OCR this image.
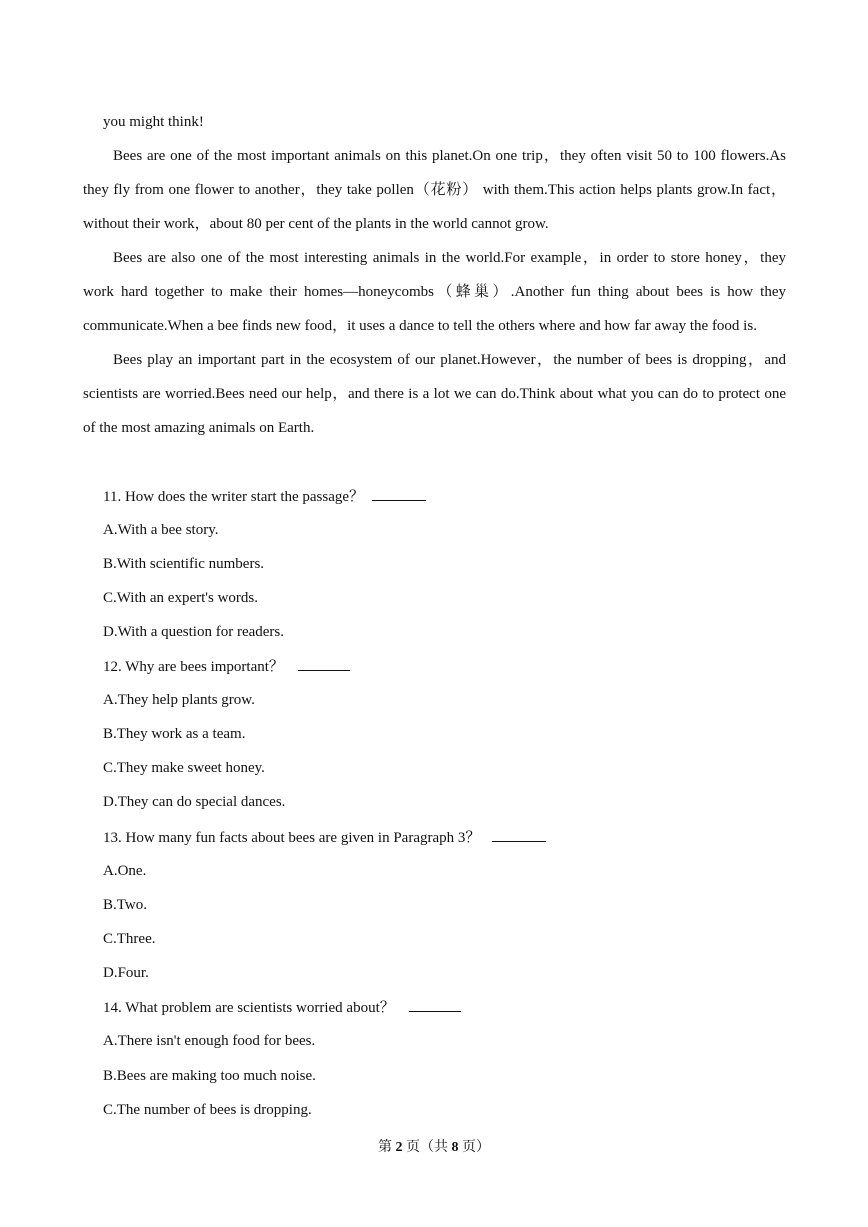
you might think!
Bees are one of the most important animals on this planet.On one trip，they often visit 50 to 100 flowers.As
they fly from one flower to another，they take pollen（花粉） with them.This action helps plants grow.In fact，
without their work，about 80 per cent of the plants in the world cannot grow.
Bees are also one of the most interesting animals in the world.For example，in order to store honey，they
work hard together to make their homes—honeycombs（蜂巢）.Another fun thing about bees is how they
communicate.When a bee finds new food，it uses a dance to tell the others where and how far away the food is.
Bees play an important part in the ecosystem of our planet.However，the number of bees is dropping，and
scientists are worried.Bees need our help，and there is a lot we can do.Think about what you can do to protect one
of the most amazing animals on Earth.
11. How does the writer start the passage？
A.With a bee story.
B.With scientific numbers.
C.With an expert's words.
D.With a question for readers.
12. Why are bees important？
A.They help plants grow.
B.They work as a team.
C.They make sweet honey.
D.They can do special dances.
13. How many fun facts about bees are given in Paragraph 3？
A.One.
B.Two.
C.Three.
D.Four.
14. What problem are scientists worried about？
A.There isn't enough food for bees.
B.Bees are making too much noise.
C.The number of bees is dropping.
第 2 页（共 8 页）
